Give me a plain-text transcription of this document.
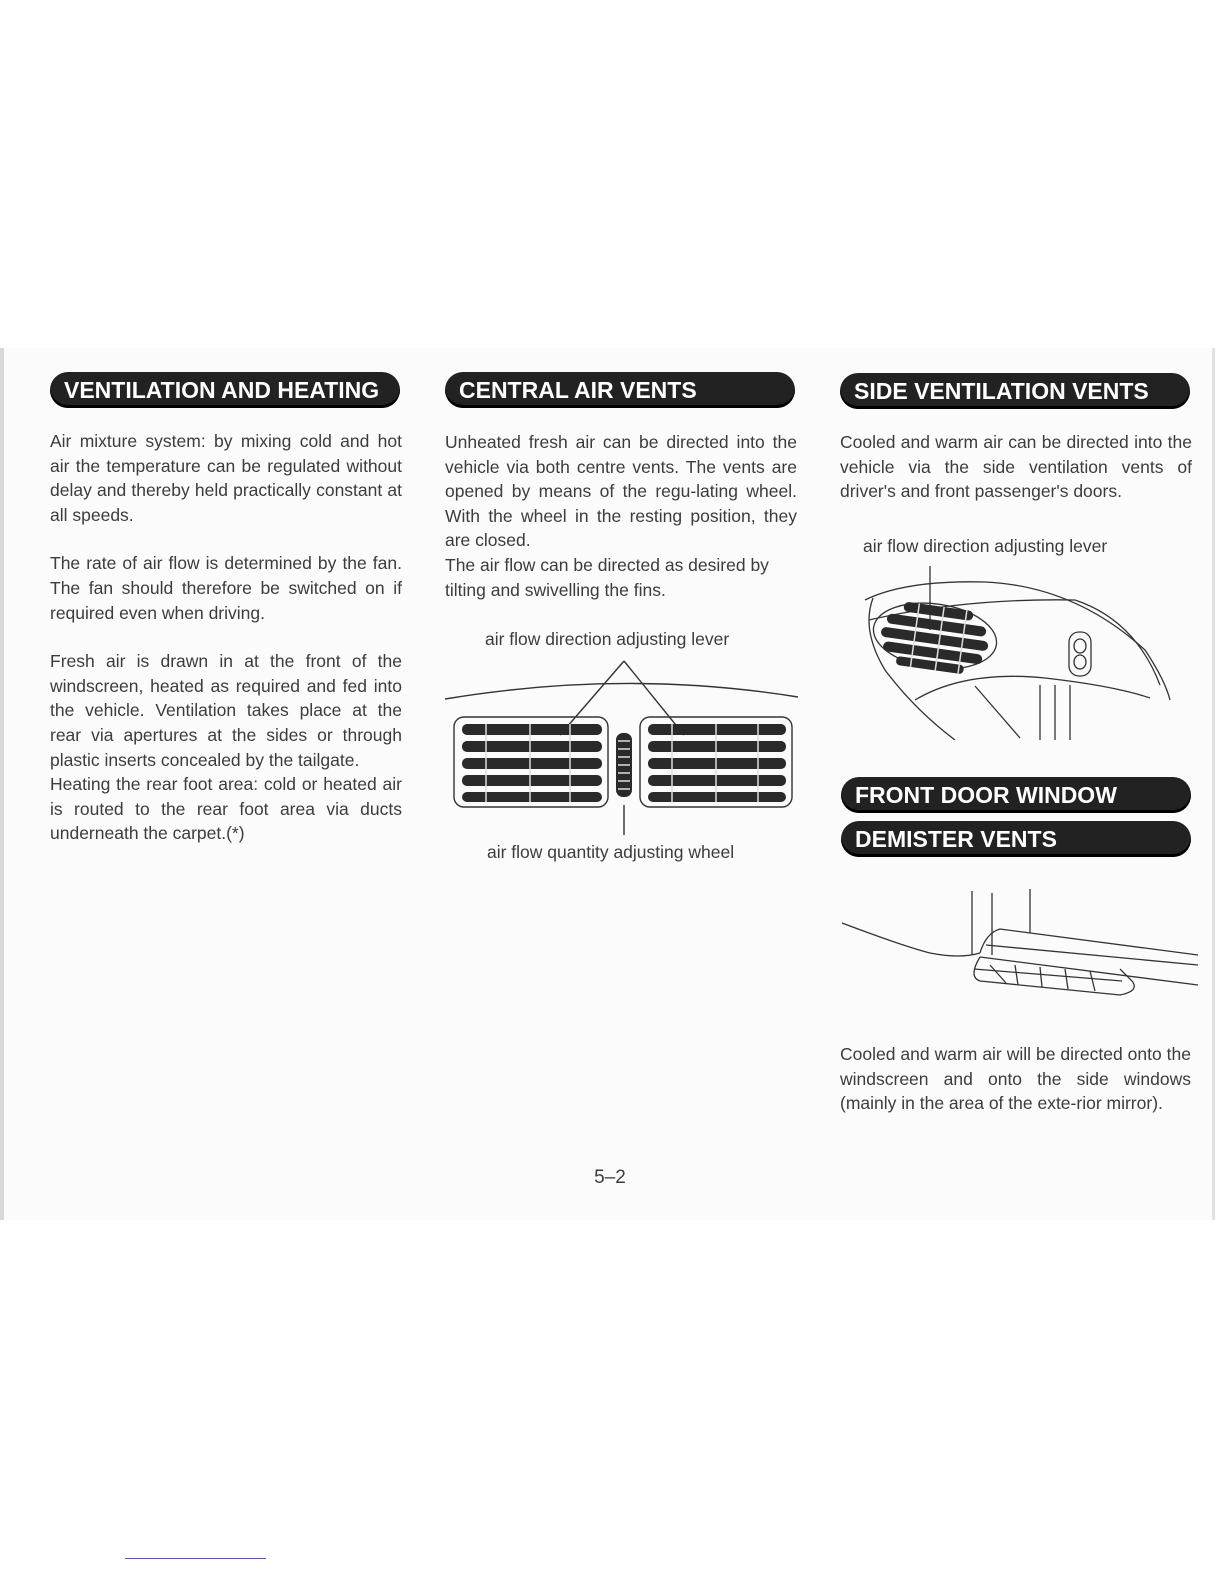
VENTILATION AND HEATING

Air mixture system: by mixing cold and hot air the temperature can be regulated without delay and thereby held practically constant at all speeds.

The rate of air flow is determined by the fan. The fan should therefore be switched on if required even when driving.

Fresh air is drawn in at the front of the windscreen, heated as required and fed into the vehicle. Ventilation takes place at the rear via apertures at the sides or through plastic inserts concealed by the tailgate.

Heating the rear foot area: cold or heated air is routed to the rear foot area via ducts underneath the carpet.(*)

CENTRAL AIR VENTS

Unheated fresh air can be directed into the vehicle via both centre vents. The vents are opened by means of the regu-lating wheel. With the wheel in the resting position, they are closed.

The air flow can be directed as desired by tilting and swivelling the fins.

air flow direction adjusting lever
air flow quantity adjusting wheel
SIDE VENTILATION VENTS

Cooled and warm air can be directed into the vehicle via the side ventilation vents of driver's and front passenger's doors.

air flow direction adjusting lever
FRONT DOOR WINDOW
DEMISTER VENTS

Cooled and warm air will be directed onto the windscreen and onto the side windows (mainly in the area of the exte-rior mirror).

5–2
